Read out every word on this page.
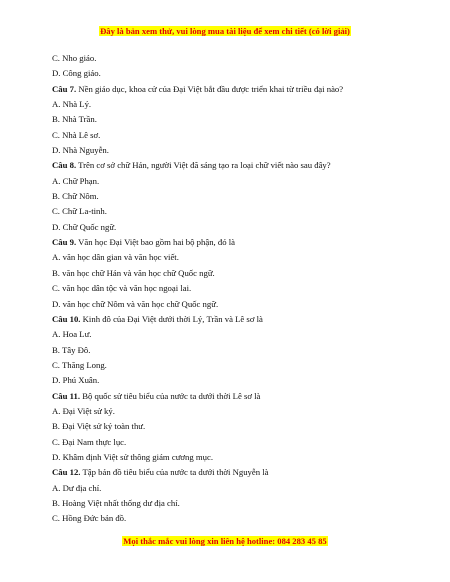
Đây là bản xem thử, vui lòng mua tài liệu để xem chi tiết (có lời giải)
C. Nho giáo.
D. Công giáo.
Câu 7. Nền giáo dục, khoa cử của Đại Việt bắt đầu được triển khai từ triều đại nào?
A. Nhà Lý.
B. Nhà Trần.
C. Nhà Lê sơ.
D. Nhà Nguyễn.
Câu 8. Trên cơ sở chữ Hán, người Việt đã sáng tạo ra loại chữ viết nào sau đây?
A. Chữ Phạn.
B. Chữ Nôm.
C. Chữ La-tinh.
D. Chữ Quốc ngữ.
Câu 9. Văn học Đại Việt bao gồm hai bộ phận, đó là
A. văn học dân gian và văn học viết.
B. văn học chữ Hán và văn học chữ Quốc ngữ.
C. văn học dân tộc và văn học ngoại lai.
D. văn học chữ Nôm và văn học chữ Quốc ngữ.
Câu 10. Kinh đô của Đại Việt dưới thời Lý, Trần và Lê sơ là
A. Hoa Lư.
B. Tây Đô.
C. Thăng Long.
D. Phú Xuân.
Câu 11. Bộ quốc sử tiêu biểu của nước ta dưới thời Lê sơ là
A. Đại Việt sử ký.
B. Đại Việt sử ký toàn thư.
C. Đại Nam thực lục.
D. Khâm định Việt sử thông giám cương mục.
Câu 12. Tập bản đồ tiêu biểu của nước ta dưới thời Nguyễn là
A. Dư địa chí.
B. Hoàng Việt nhất thống dư địa chí.
C. Hồng Đức bản đồ.
Mọi thắc mắc vui lòng xin liên hệ hotline: 084 283 45 85
